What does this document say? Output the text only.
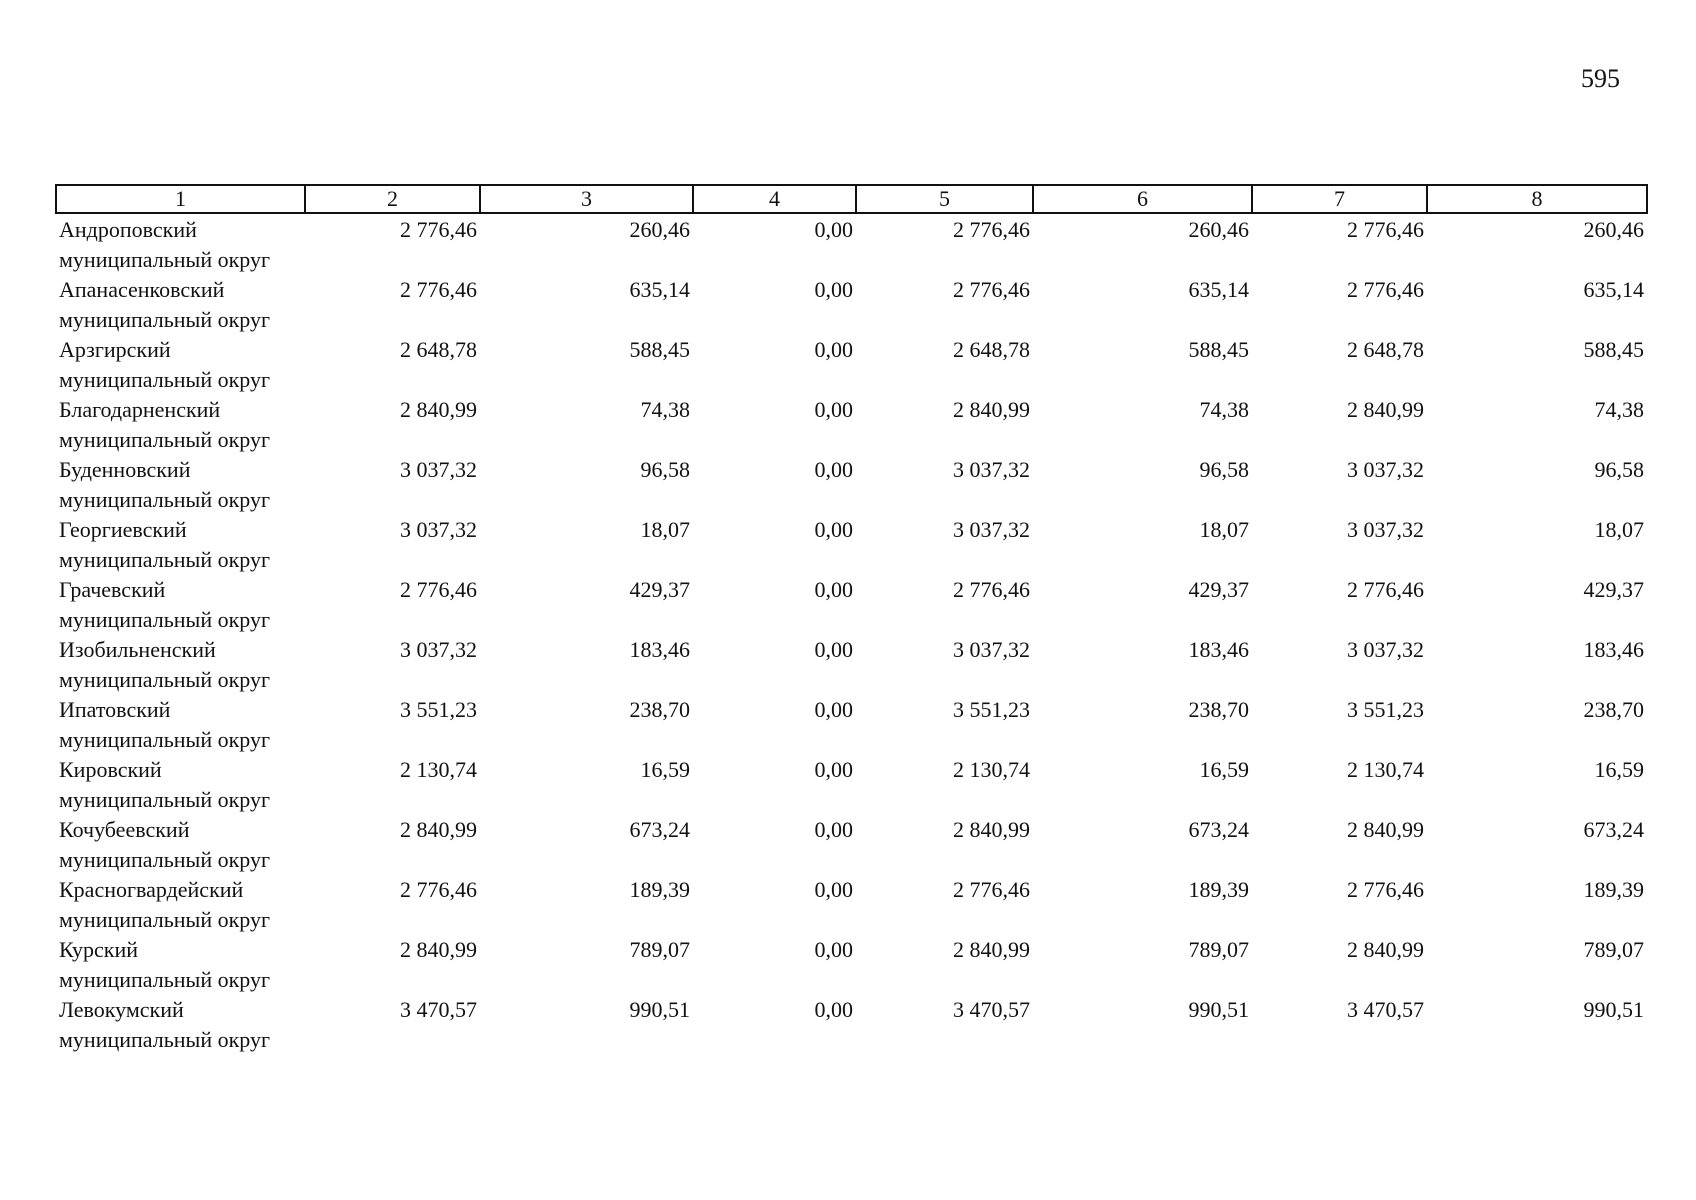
595
1	2	3	4	5	6	7	8

Андроповский
муниципальный округ	2 776,46	260,46	0,00	2 776,46	260,46	2 776,46	260,46

Апанасенковский
муниципальный округ	2 776,46	635,14	0,00	2 776,46	635,14	2 776,46	635,14

Арзгирский
муниципальный округ	2 648,78	588,45	0,00	2 648,78	588,45	2 648,78	588,45

Благодарненский
муниципальный округ	2 840,99	74,38	0,00	2 840,99	74,38	2 840,99	74,38

Буденновский
муниципальный округ	3 037,32	96,58	0,00	3 037,32	96,58	3 037,32	96,58

Георгиевский
муниципальный округ	3 037,32	18,07	0,00	3 037,32	18,07	3 037,32	18,07

Грачевский
муниципальный округ	2 776,46	429,37	0,00	2 776,46	429,37	2 776,46	429,37

Изобильненский
муниципальный округ	3 037,32	183,46	0,00	3 037,32	183,46	3 037,32	183,46

Ипатовский
муниципальный округ	3 551,23	238,70	0,00	3 551,23	238,70	3 551,23	238,70

Кировский
муниципальный округ	2 130,74	16,59	0,00	2 130,74	16,59	2 130,74	16,59

Кочубеевский
муниципальный округ	2 840,99	673,24	0,00	2 840,99	673,24	2 840,99	673,24

Красногвардейский
муниципальный округ	2 776,46	189,39	0,00	2 776,46	189,39	2 776,46	189,39

Курский
муниципальный округ	2 840,99	789,07	0,00	2 840,99	789,07	2 840,99	789,07

Левокумский
муниципальный округ	3 470,57	990,51	0,00	3 470,57	990,51	3 470,57	990,51
